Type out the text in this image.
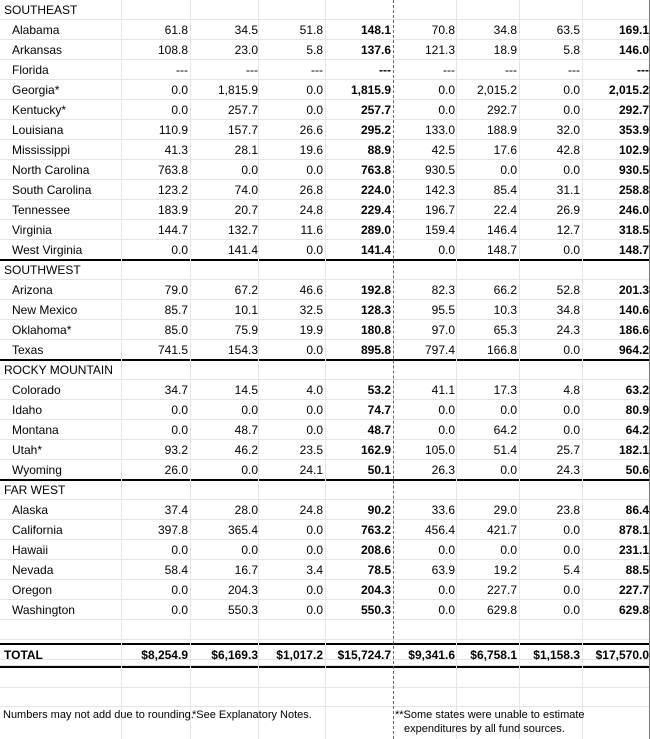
SOUTHEAST
Alabama	61.8	34.5	51.8	148.1	70.8	34.8	63.5	169.1
Arkansas	108.8	23.0	5.8	137.6	121.3	18.9	5.8	146.0
Florida	---	---	---	---	---	---	---	---
Georgia*	0.0	1,815.9	0.0	1,815.9	0.0	2,015.2	0.0	2,015.2
Kentucky*	0.0	257.7	0.0	257.7	0.0	292.7	0.0	292.7
Louisiana	110.9	157.7	26.6	295.2	133.0	188.9	32.0	353.9
Mississippi	41.3	28.1	19.6	88.9	42.5	17.6	42.8	102.9
North Carolina	763.8	0.0	0.0	763.8	930.5	0.0	0.0	930.5
South Carolina	123.2	74.0	26.8	224.0	142.3	85.4	31.1	258.8
Tennessee	183.9	20.7	24.8	229.4	196.7	22.4	26.9	246.0
Virginia	144.7	132.7	11.6	289.0	159.4	146.4	12.7	318.5
West Virginia	0.0	141.4	0.0	141.4	0.0	148.7	0.0	148.7
SOUTHWEST
Arizona	79.0	67.2	46.6	192.8	82.3	66.2	52.8	201.3
New Mexico	85.7	10.1	32.5	128.3	95.5	10.3	34.8	140.6
Oklahoma*	85.0	75.9	19.9	180.8	97.0	65.3	24.3	186.6
Texas	741.5	154.3	0.0	895.8	797.4	166.8	0.0	964.2
ROCKY MOUNTAIN
Colorado	34.7	14.5	4.0	53.2	41.1	17.3	4.8	63.2
Idaho	0.0	0.0	0.0	74.7	0.0	0.0	0.0	80.9
Montana	0.0	48.7	0.0	48.7	0.0	64.2	0.0	64.2
Utah*	93.2	46.2	23.5	162.9	105.0	51.4	25.7	182.1
Wyoming	26.0	0.0	24.1	50.1	26.3	0.0	24.3	50.6
FAR WEST
Alaska	37.4	28.0	24.8	90.2	33.6	29.0	23.8	86.4
California	397.8	365.4	0.0	763.2	456.4	421.7	0.0	878.1
Hawaii	0.0	0.0	0.0	208.6	0.0	0.0	0.0	231.1
Nevada	58.4	16.7	3.4	78.5	63.9	19.2	5.4	88.5
Oregon	0.0	204.3	0.0	204.3	0.0	227.7	0.0	227.7
Washington	0.0	550.3	0.0	550.3	0.0	629.8	0.0	629.8
TOTAL	$8,254.9	$6,169.3	$1,017.2	$15,724.7	$9,341.6	$6,758.1	$1,158.3	$17,570.0
Numbers may not add due to rounding.
*See Explanatory Notes.	**Some states were unable to estimate
expenditures by all fund sources.
